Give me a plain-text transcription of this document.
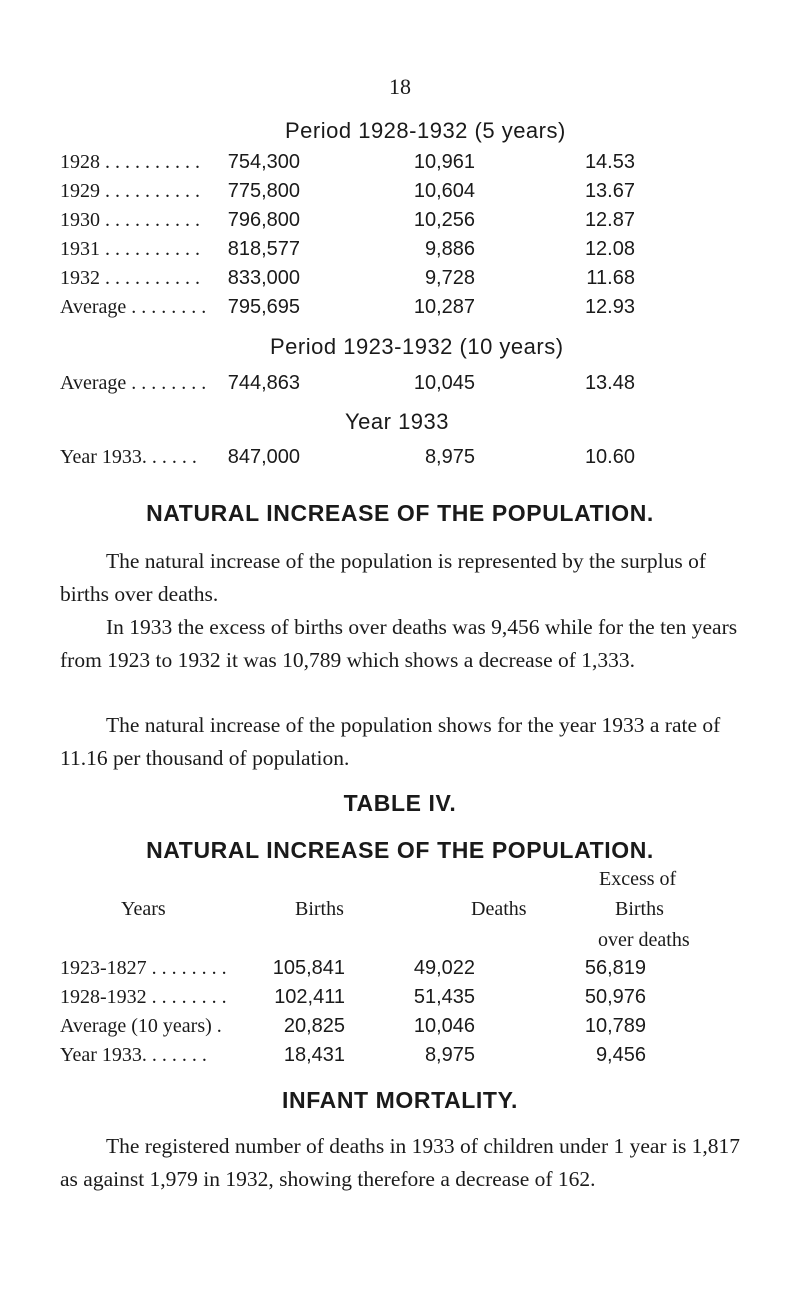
18
Period 1928-1932 (5 years)
1928 . . . . . . . . . . 754,300	10,961	14.53
1929 . . . . . . . . . . 775,800	10,604	13.67
1930 . . . . . . . . . . 796,800	10,256	12.87
1931 . . . . . . . . . . 818,577	9,886	12.08
1932 . . . . . . . . . . 833,000	9,728	11.68
Average . . . . . . . . 795,695	10,287	12.93
Period 1923-1932 (10 years)
Average . . . . . . . . 744,863	10,045	13.48
Year 1933
Year 1933. . . . . . 847,000	8,975	10.60
NATURAL INCREASE OF THE POPULATION.
The natural increase of the population is represented by the surplus of births over deaths.
In 1933 the excess of births over deaths was 9,456 while for the ten years from 1923 to 1932 it was 10,789 which shows a decrease of 1,333.
The natural increase of the population shows for the year 1933 a rate of 11.16 per thousand of population.
TABLE IV.
NATURAL INCREASE OF THE POPULATION.
Years	Births	Deaths
Excess of
Births
over deaths
1923-1827 . . . . . . . . 105,841	49,022	56,819
1928-1932 . . . . . . . . 102,411	51,435	50,976
Average (10 years) .	20,825	10,046	10,789
Year 1933. . . . . . .	18,431	8,975	9,456
INFANT MORTALITY.
The registered number of deaths in 1933 of children under 1 year is 1,817 as against 1,979 in 1932, showing therefore a decrease of 162.
